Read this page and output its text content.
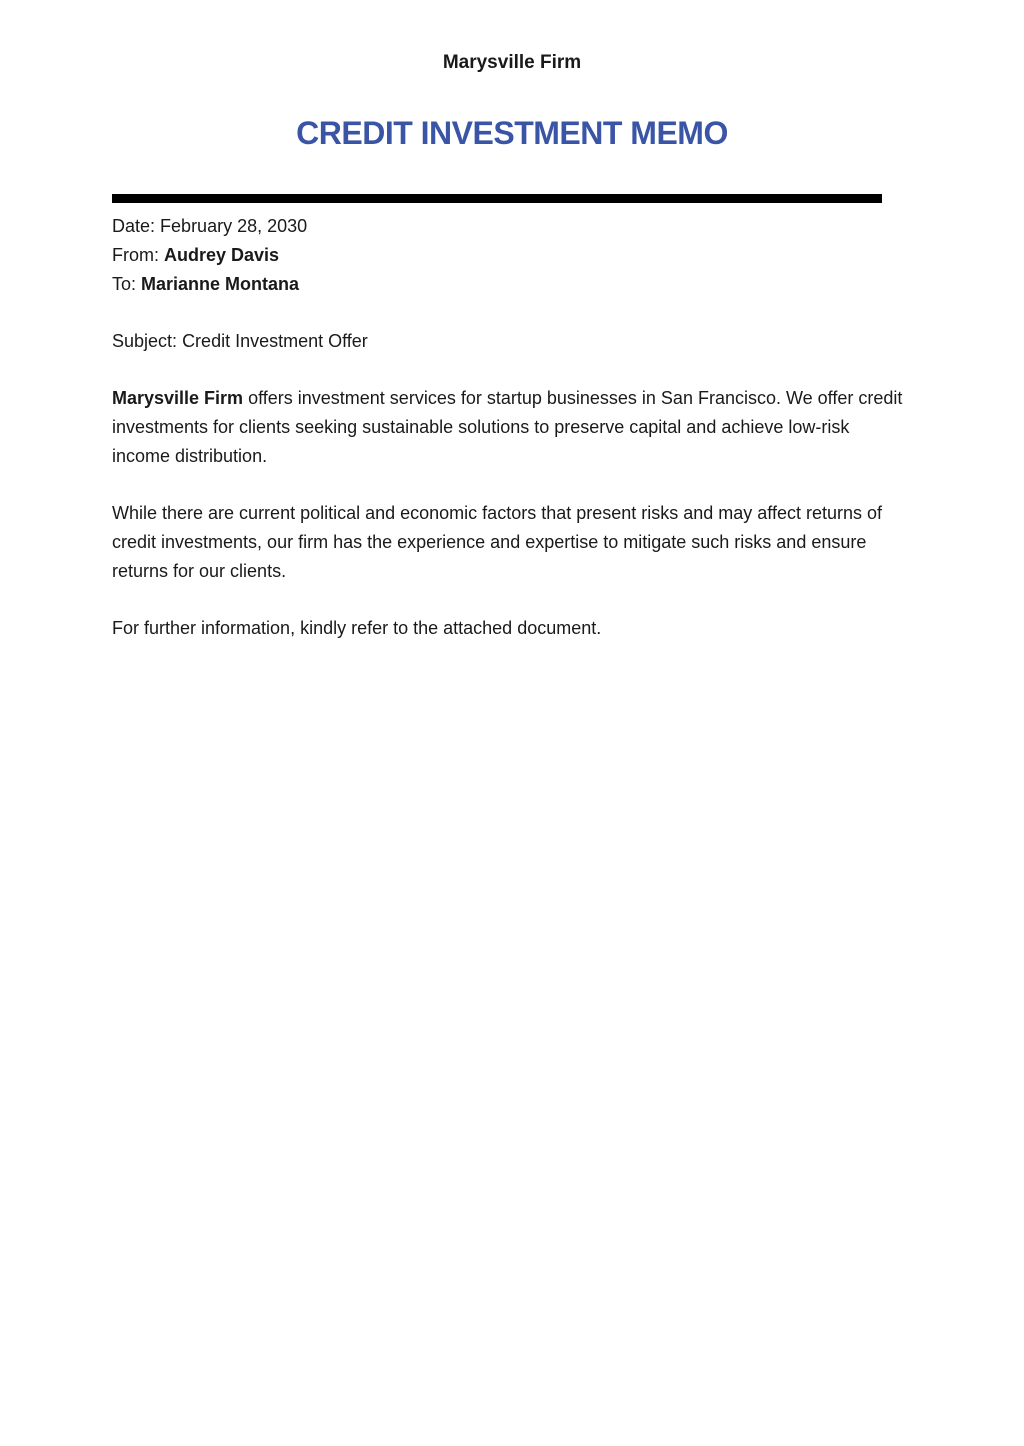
Marysville Firm
CREDIT INVESTMENT MEMO

Date: February 28, 2030

From: Audrey Davis

To: Marianne Montana

Subject: Credit Investment Offer

Marysville Firm offers investment services for startup businesses in San Francisco. We offer credit investments for clients seeking sustainable solutions to preserve capital and achieve low-risk income distribution.

While there are current political and economic factors that present risks and may affect returns of credit investments, our firm has the experience and expertise to mitigate such risks and ensure returns for our clients.

For further information, kindly refer to the attached document.
